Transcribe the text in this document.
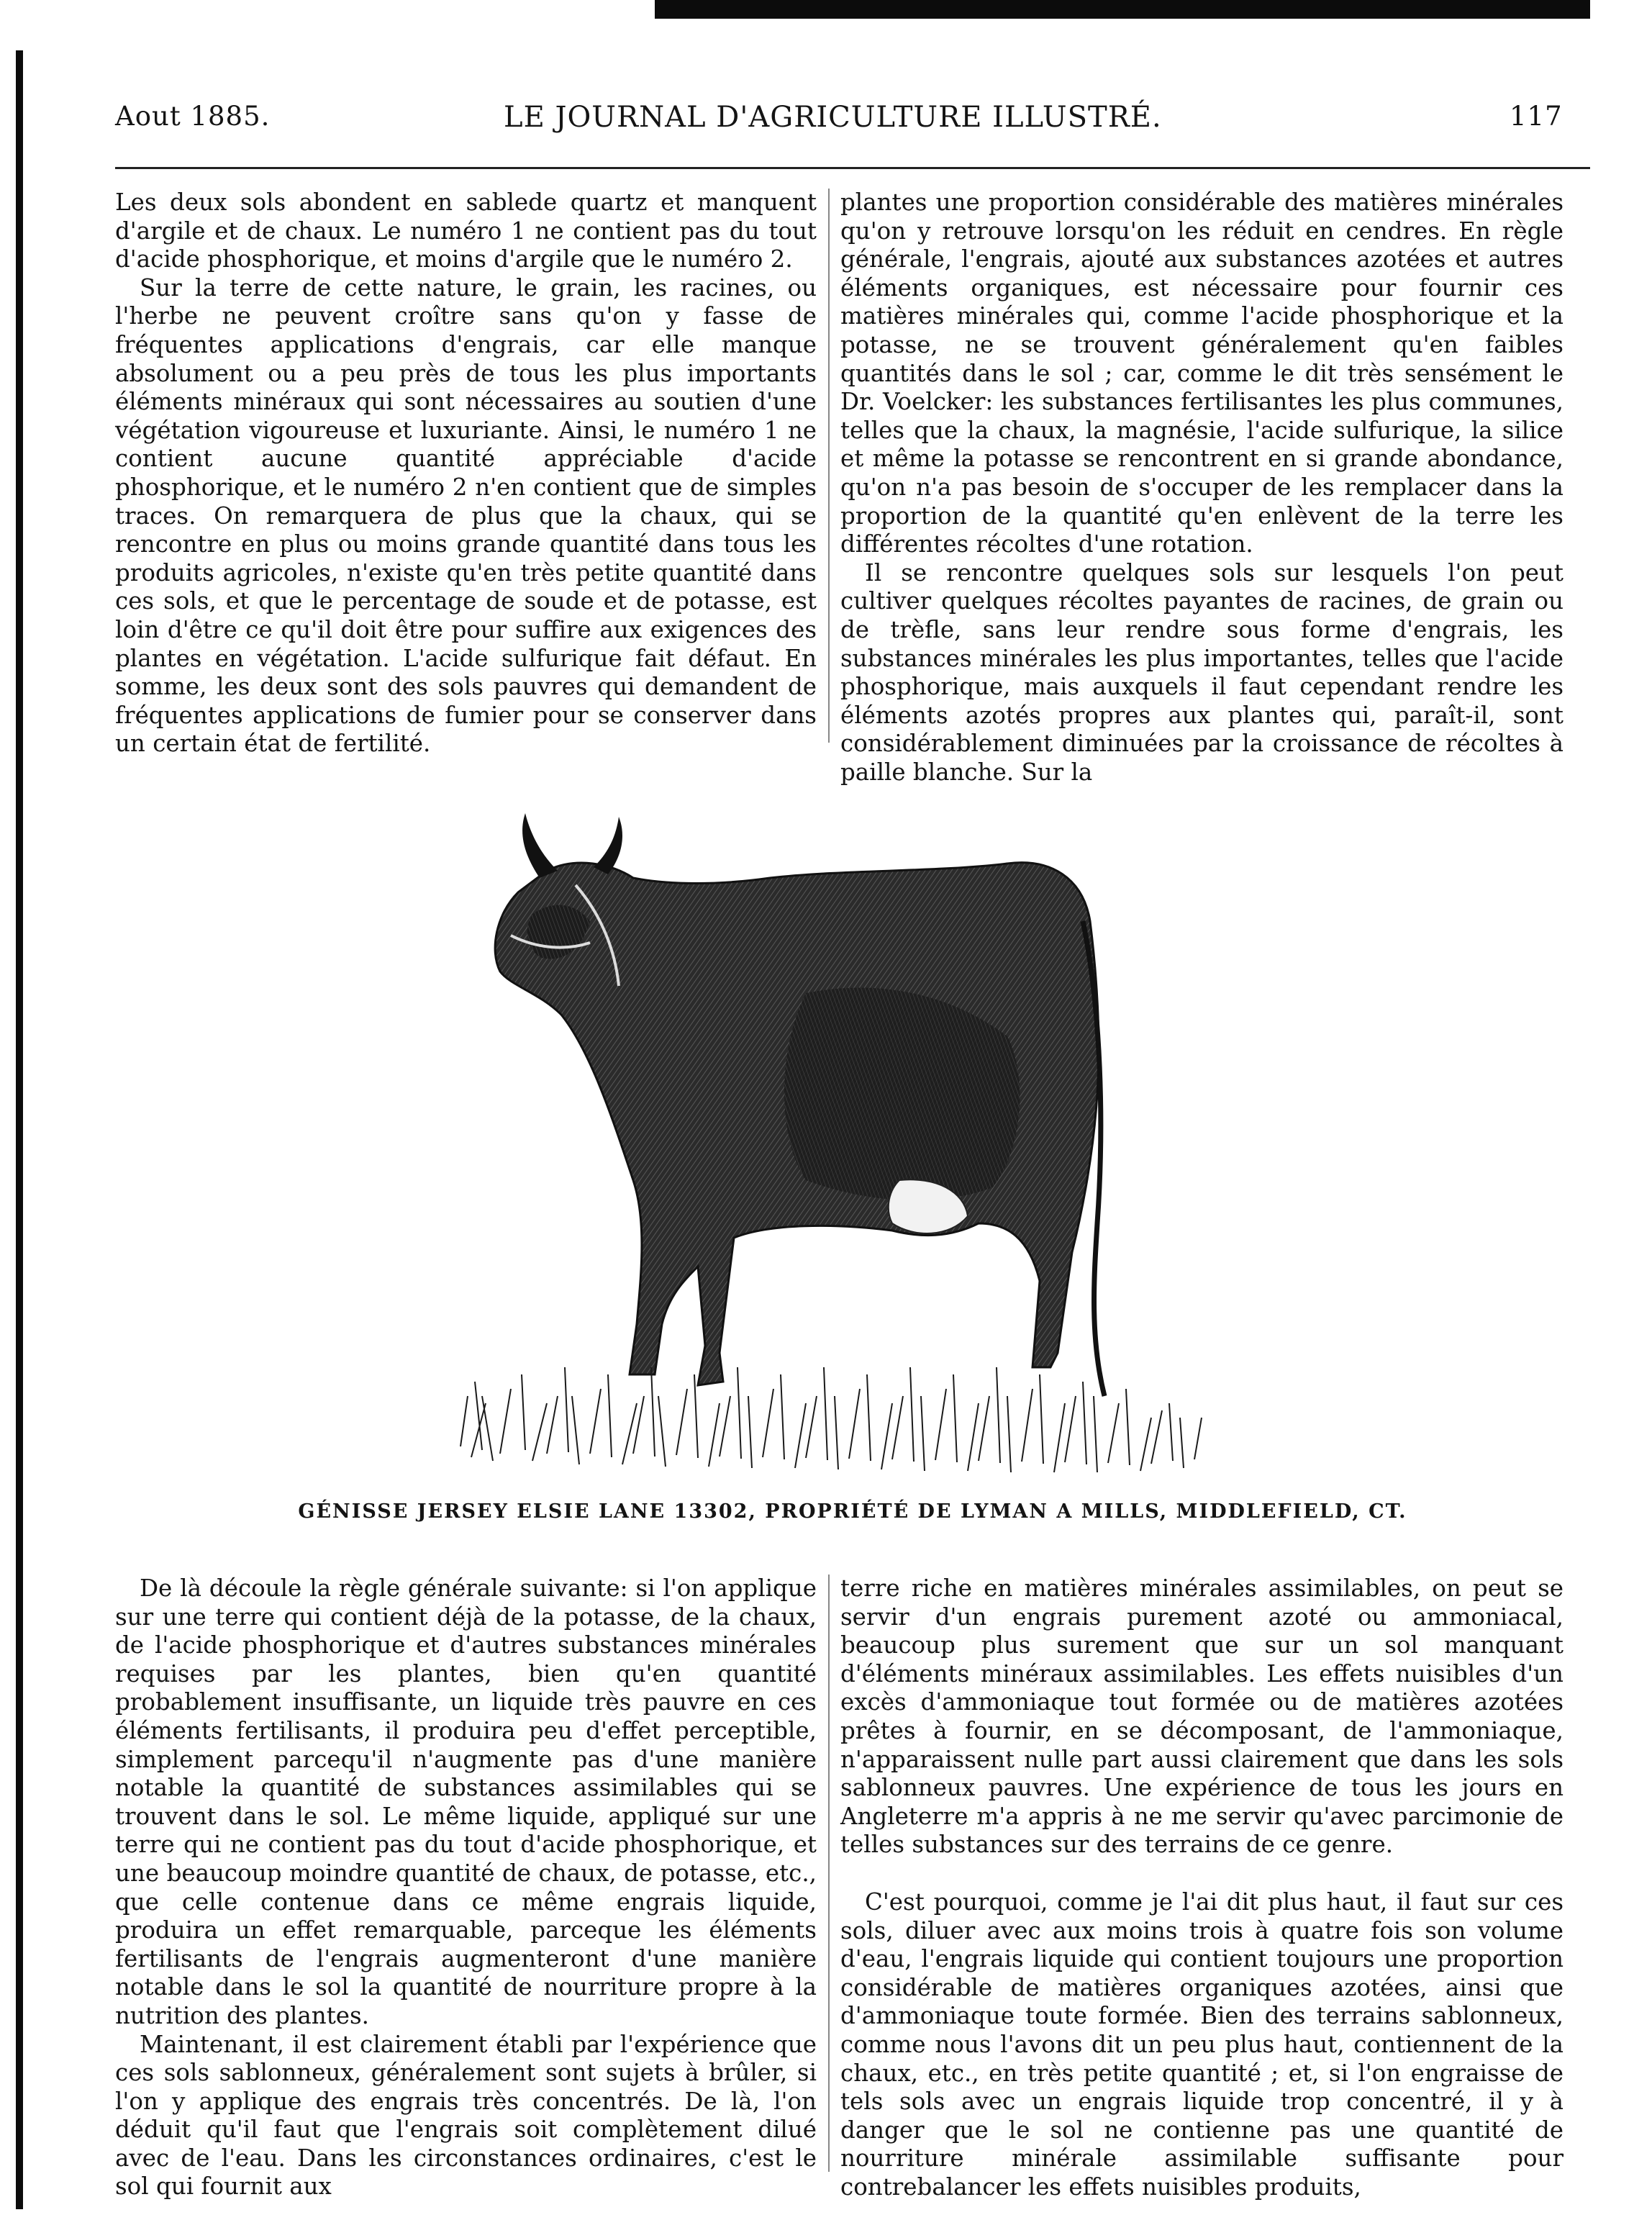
Aout 1885.	LE JOURNAL D'AGRICULTURE ILLUSTRÉ.	117

Les deux sols abondent en sablede quartz et manquent d'argile et de chaux. Le numéro 1 ne contient pas du tout d'acide phosphorique, et moins d'argile que le numéro 2.

Sur la terre de cette nature, le grain, les racines, ou l'herbe ne peuvent croître sans qu'on y fasse de fréquentes applications d'engrais, car elle manque absolument ou a peu près de tous les plus importants éléments minéraux qui sont nécessaires au soutien d'une végétation vigoureuse et luxuriante. Ainsi, le numéro 1 ne contient aucune quantité appréciable d'acide phosphorique, et le numéro 2 n'en contient que de simples traces. On remarquera de plus que la chaux, qui se rencontre en plus ou moins grande quantité dans tous les produits agricoles, n'existe qu'en très petite quantité dans ces sols, et que le percentage de soude et de potasse, est loin d'être ce qu'il doit être pour suffire aux exigences des plantes en végétation. L'acide sulfurique fait défaut. En somme, les deux sont des sols pauvres qui demandent de fréquentes applications de fumier pour se conserver dans un certain état de fertilité.

plantes une proportion considérable des matières minérales qu'on y retrouve lorsqu'on les réduit en cendres. En règle générale, l'engrais, ajouté aux substances azotées et autres éléments organiques, est nécessaire pour fournir ces matières minérales qui, comme l'acide phosphorique et la potasse, ne se trouvent généralement qu'en faibles quantités dans le sol ; car, comme le dit très sensément le Dr. Voelcker: les substances fertilisantes les plus communes, telles que la chaux, la magnésie, l'acide sulfurique, la silice et même la potasse se rencontrent en si grande abondance, qu'on n'a pas besoin de s'occuper de les remplacer dans la proportion de la quantité qu'en enlèvent de la terre les différentes récoltes d'une rotation.

Il se rencontre quelques sols sur lesquels l'on peut cultiver quelques récoltes payantes de racines, de grain ou de trèfle, sans leur rendre sous forme d'engrais, les substances minérales les plus importantes, telles que l'acide phosphorique, mais auxquels il faut cependant rendre les éléments azotés propres aux plantes qui, paraît-il, sont considérablement diminuées par la croissance de récoltes à paille blanche. Sur la

GÉNISSE JERSEY ELSIE LANE 13302, PROPRIÉTÉ DE LYMAN A MILLS, MIDDLEFIELD, CT.

De là découle la règle générale suivante: si l'on applique sur une terre qui contient déjà de la potasse, de la chaux, de l'acide phosphorique et d'autres substances minérales requises par les plantes, bien qu'en quantité probablement insuffisante, un liquide très pauvre en ces éléments fertilisants, il produira peu d'effet perceptible, simplement parcequ'il n'augmente pas d'une manière notable la quantité de substances assimilables qui se trouvent dans le sol. Le même liquide, appliqué sur une terre qui ne contient pas du tout d'acide phosphorique, et une beaucoup moindre quantité de chaux, de potasse, etc., que celle contenue dans ce même engrais liquide, produira un effet remarquable, parceque les éléments fertilisants de l'engrais augmenteront d'une manière notable dans le sol la quantité de nourriture propre à la nutrition des plantes.

Maintenant, il est clairement établi par l'expérience que ces sols sablonneux, généralement sont sujets à brûler, si l'on y applique des engrais très concentrés. De là, l'on déduit qu'il faut que l'engrais soit complètement dilué avec de l'eau. Dans les circonstances ordinaires, c'est le sol qui fournit aux

terre riche en matières minérales assimilables, on peut se servir d'un engrais purement azoté ou ammoniacal, beaucoup plus surement que sur un sol manquant d'éléments minéraux assimilables. Les effets nuisibles d'un excès d'ammoniaque tout formée ou de matières azotées prêtes à fournir, en se décomposant, de l'ammoniaque, n'apparaissent nulle part aussi clairement que dans les sols sablonneux pauvres. Une expérience de tous les jours en Angleterre m'a appris à ne me servir qu'avec parcimonie de telles substances sur des terrains de ce genre.

C'est pourquoi, comme je l'ai dit plus haut, il faut sur ces sols, diluer avec aux moins trois à quatre fois son volume d'eau, l'engrais liquide qui contient toujours une proportion considérable de matières organiques azotées, ainsi que d'ammoniaque toute formée. Bien des terrains sablonneux, comme nous l'avons dit un peu plus haut, contiennent de la chaux, etc., en très petite quantité ; et, si l'on engraisse de tels sols avec un engrais liquide trop concentré, il y à danger que le sol ne contienne pas une quantité de nourriture minérale assimilable suffisante pour contrebalancer les effets nuisibles produits,
